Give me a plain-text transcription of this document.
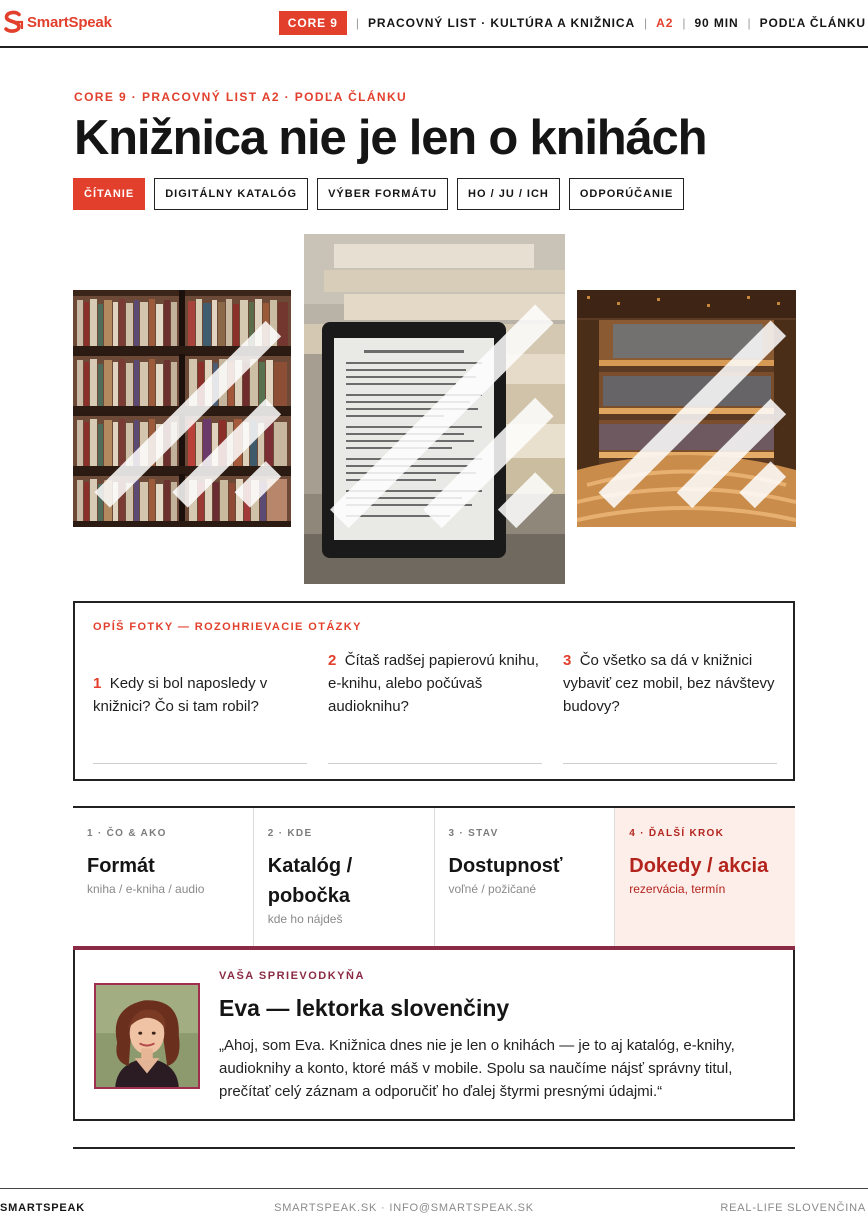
SmartSpeak	CORE 9	| PRACOVNÝ LIST · KULTÚRA A KNIŽNICA | A2 | 90 MIN | PODĽA ČLÁNKU
CORE 9 · PRACOVNÝ LIST A2 · PODĽA ČLÁNKU
Knižnica nie je len o knihách
ČÍTANIE	DIGITÁLNY KATALÓG	VÝBER FORMÁTU	HO / JU / ICH	ODPORÚČANIE
OPÍŠ FOTKY — ROZOHRIEVACIE OTÁZKY

1 Kedy si bol naposledy v knižnici? Čo si tam robil?

2 Čítaš radšej papierovú knihu, e-knihu, alebo počúvaš audioknihu?

3 Čo všetko sa dá v knižnici vybaviť cez mobil, bez návštevy budovy?

1 · ČO & AKO
Formát
kniha / e-kniha / audio
2 · KDE
Katalóg / pobočka
kde ho nájdeš
3 · STAV
Dostupnosť
voľné / požičané
4 · ĎALŠÍ KROK
Dokedy / akcia
rezervácia, termín
VAŠA SPRIEVODKYŇA
Eva — lektorka slovenčiny

„Ahoj, som Eva. Knižnica dnes nie je len o knihách — je to aj katalóg, e-knihy, audioknihy a konto, ktoré máš v mobile. Spolu sa naučíme nájsť správny titul, prečítať celý záznam a odporučiť ho ďalej štyrmi presnými údajmi.“

SMARTSPEAK	SMARTSPEAK.SK · INFO@SMARTSPEAK.SK	REAL-LIFE SLOVENČINA
